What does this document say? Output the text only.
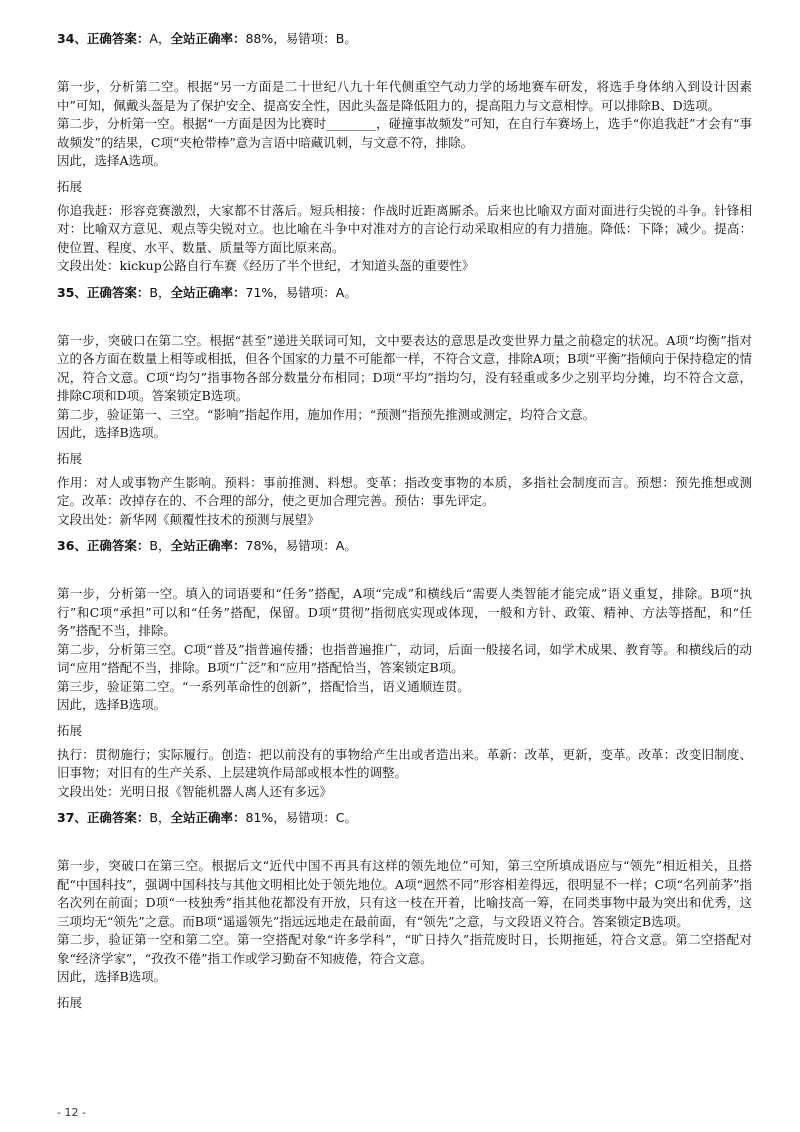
34、正确答案：A，全站正确率：88%，易错项：B。

第一步，分析第二空。根据“另一方面是二十世纪八九十年代侧重空气动力学的场地赛车研发，将选手身体纳入到设计因素中”可知，佩戴头盔是为了保护安全、提高安全性，因此头盔是降低阻力的，提高阻力与文意相悖。可以排除B、D选项。

第二步，分析第一空。根据“一方面是因为比赛时________，碰撞事故频发”可知，在自行车赛场上，选手“你追我赶”才会有“事故频发”的结果，C项“夹枪带棒”意为言语中暗藏讥刺，与文意不符，排除。

因此，选择A选项。

拓展

你追我赶：形容竞赛激烈，大家都不甘落后。短兵相接：作战时近距离厮杀。后来也比喻双方面对面进行尖锐的斗争。针锋相对：比喻双方意见、观点等尖锐对立。也比喻在斗争中对准对方的言论行动采取相应的有力措施。降低：下降；减少。提高：使位置、程度、水平、数量、质量等方面比原来高。

文段出处：kickup公路自行车赛《经历了半个世纪，才知道头盔的重要性》

35、正确答案：B，全站正确率：71%，易错项：A。

第一步，突破口在第二空。根据“甚至”递进关联词可知，文中要表达的意思是改变世界力量之前稳定的状况。A项“均衡”指对立的各方面在数量上相等或相抵，但各个国家的力量不可能都一样，不符合文意，排除A项；B项“平衡”指倾向于保持稳定的情况，符合文意。C项“均匀”指事物各部分数量分布相同；D项“平均”指均匀，没有轻重或多少之别平均分摊，均不符合文意，排除C项和D项。答案锁定B选项。

第二步，验证第一、三空。“影响”指起作用，施加作用；“预测”指预先推测或测定，均符合文意。

因此，选择B选项。

拓展

作用：对人或事物产生影响。预料：事前推测、料想。变革：指改变事物的本质，多指社会制度而言。预想：预先推想或测定。改革：改掉存在的、不合理的部分，使之更加合理完善。预估：事先评定。

文段出处：新华网《颠覆性技术的预测与展望》

36、正确答案：B，全站正确率：78%，易错项：A。

第一步，分析第一空。填入的词语要和“任务”搭配，A项“完成”和横线后“需要人类智能才能完成”语义重复，排除。B项“执行”和C项“承担”可以和“任务”搭配，保留。D项“贯彻”指彻底实现或体现，一般和方针、政策、精神、方法等搭配，和“任务”搭配不当，排除。

第二步，分析第三空。C项“普及”指普遍传播；也指普遍推广，动词，后面一般接名词，如学术成果、教育等。和横线后的动词“应用”搭配不当，排除。B项“广泛”和“应用”搭配恰当，答案锁定B项。

第三步，验证第二空。“一系列革命性的创新”，搭配恰当，语义通顺连贯。

因此，选择B选项。

拓展

执行：贯彻施行；实际履行。创造：把以前没有的事物给产生出或者造出来。革新：改革，更新，变革。改革：改变旧制度、旧事物；对旧有的生产关系、上层建筑作局部或根本性的调整。

文段出处：光明日报《智能机器人离人还有多远》

37、正确答案：B，全站正确率：81%，易错项：C。

第一步，突破口在第三空。根据后文“近代中国不再具有这样的领先地位”可知，第三空所填成语应与“领先”相近相关，且搭配“中国科技”，强调中国科技与其他文明相比处于领先地位。A项“迥然不同”形容相差得远，很明显不一样；C项“名列前茅”指名次列在前面；D项“一枝独秀”指其他花都没有开放，只有这一枝在开着，比喻技高一筹，在同类事物中最为突出和优秀，这三项均无“领先”之意。而B项“遥遥领先”指远远地走在最前面，有“领先”之意，与文段语义符合。答案锁定B选项。

第二步，验证第一空和第二空。第一空搭配对象“许多学科”，“旷日持久”指荒废时日，长期拖延，符合文意。第二空搭配对象“经济学家”，“孜孜不倦”指工作或学习勤奋不知疲倦，符合文意。

因此，选择B选项。

拓展
- 12 -
